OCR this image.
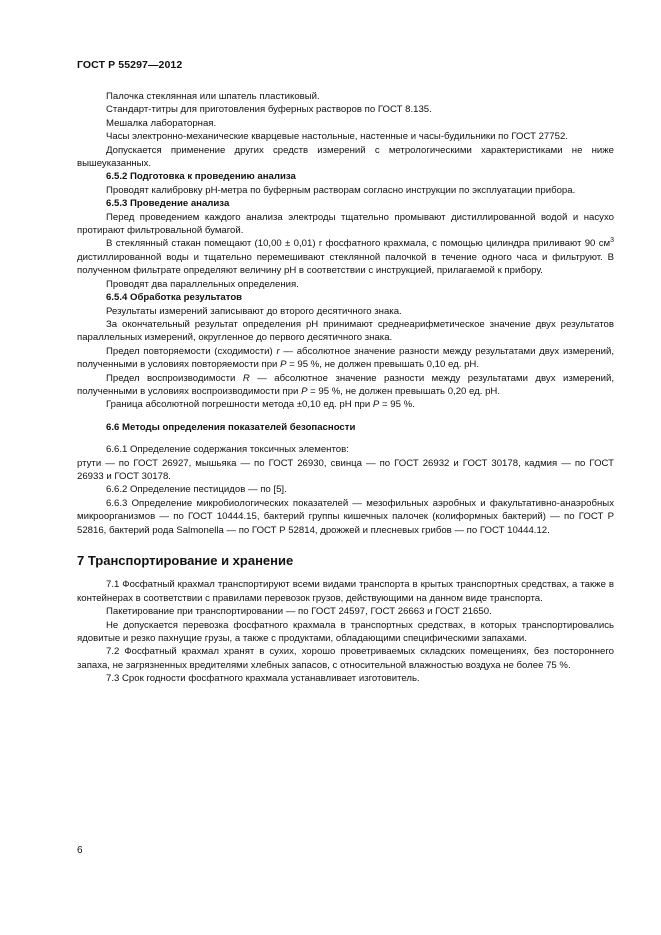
ГОСТ Р 55297—2012

Палочка стеклянная или шпатель пластиковый.

Стандарт-титры для приготовления буферных растворов по ГОСТ 8.135.

Мешалка лабораторная.

Часы электронно-механические кварцевые настольные, настенные и часы-будильники по ГОСТ 27752.

Допускается применение других средств измерений с метрологическими характеристиками не ниже вышеуказанных.

6.5.2 Подготовка к проведению анализа

Проводят калибровку pH-метра по буферным растворам согласно инструкции по эксплуатации прибора.

6.5.3 Проведение анализа

Перед проведением каждого анализа электроды тщательно промывают дистиллированной водой и насухо протирают фильтровальной бумагой.

В стеклянный стакан помещают (10,00 ± 0,01) г фосфатного крахмала, с помощью цилиндра приливают 90 $см^3$ дистиллированной воды и тщательно перемешивают стеклянной палочкой в течение одного часа и фильтруют. В полученном фильтрате определяют величину pH в соответствии с инструкцией, прилагаемой к прибору.

Проводят два параллельных определения.

6.5.4 Обработка результатов

Результаты измерений записывают до второго десятичного знака.

За окончательный результат определения pH принимают среднеарифметическое значение двух результатов параллельных измерений, округленное до первого десятичного знака.

Предел повторяемости (сходимости) r — абсолютное значение разности между результатами двух измерений, полученными в условиях повторяемости при P = 95 %, не должен превышать 0,10 ед. pH.

Предел воспроизводимости R — абсолютное значение разности между результатами двух измерений, полученными в условиях воспроизводимости при P = 95 %, не должен превышать 0,20 ед. pH.

Граница абсолютной погрешности метода ±0,10 ед. pH при P = 95 %.

6.6 Методы определения показателей безопасности

6.6.1 Определение содержания токсичных элементов:

ртути — по ГОСТ 26927, мышьяка — по ГОСТ 26930, свинца — по ГОСТ 26932 и ГОСТ 30178, кадмия — по ГОСТ 26933 и ГОСТ 30178.

6.6.2 Определение пестицидов — по [5].

6.6.3 Определение микробиологических показателей — мезофильных аэробных и факультативно-анаэробных микроорганизмов — по ГОСТ 10444.15, бактерий группы кишечных палочек (колиформных бактерий) — по ГОСТ Р 52816, бактерий рода Salmonella — по ГОСТ Р 52814, дрожжей и плесневых грибов — по ГОСТ 10444.12.

7 Транспортирование и хранение

7.1 Фосфатный крахмал транспортируют всеми видами транспорта в крытых транспортных средствах, а также в контейнерах в соответствии с правилами перевозок грузов, действующими на данном виде транспорта.

Пакетирование при транспортировании — по ГОСТ 24597, ГОСТ 26663 и ГОСТ 21650.

Не допускается перевозка фосфатного крахмала в транспортных средствах, в которых транспортировались ядовитые и резко пахнущие грузы, а также с продуктами, обладающими специфическими запахами.

7.2 Фосфатный крахмал хранят в сухих, хорошо проветриваемых складских помещениях, без постороннего запаха, не загрязненных вредителями хлебных запасов, с относительной влажностью воздуха не более 75 %.

7.3 Срок годности фосфатного крахмала устанавливает изготовитель.

6
